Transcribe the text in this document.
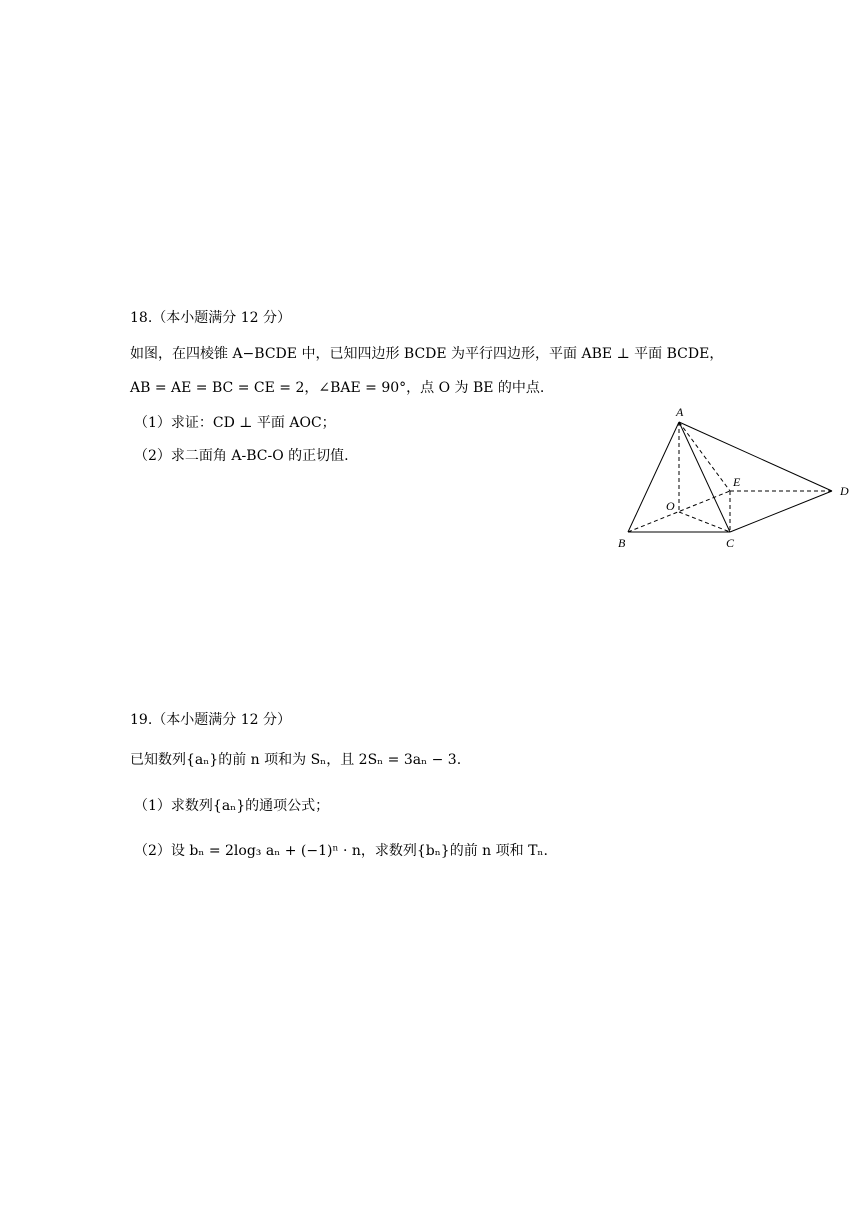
18.（本小题满分 12 分）
如图，在四棱锥 A−BCDE 中，已知四边形 BCDE 为平行四边形，平面 ABE ⊥ 平面 BCDE，
AB = AE = BC = CE = 2，∠BAE = 90°，点 O 为 BE 的中点.
（1）求证：CD ⊥ 平面 AOC；
（2）求二面角 A-BC-O 的正切值.
A
B	C
D
E
O
19.（本小题满分 12 分）
已知数列{aₙ}的前 n 项和为 Sₙ，且 2Sₙ = 3aₙ − 3.
（1）求数列{aₙ}的通项公式；
（2）设 bₙ = 2log₃ aₙ + (−1)ⁿ · n，求数列{bₙ}的前 n 项和 Tₙ.
